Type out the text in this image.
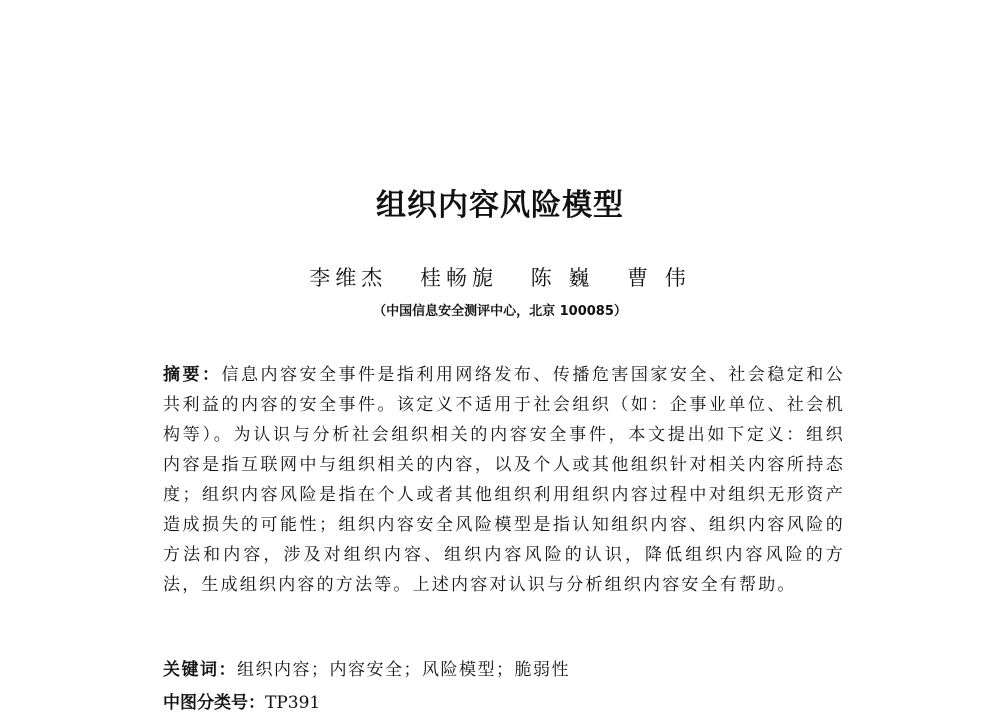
组织内容风险模型
李维杰 桂畅旎 陈 巍 曹 伟
（中国信息安全测评中心，北京 100085）
摘要：信息内容安全事件是指利用网络发布、传播危害国家安全、社会稳定和公共利益的内容的安全事件。该定义不适用于社会组织（如：企事业单位、社会机构等）。为认识与分析社会组织相关的内容安全事件，本文提出如下定义：组织内容是指互联网中与组织相关的内容，以及个人或其他组织针对相关内容所持态度；组织内容风险是指在个人或者其他组织利用组织内容过程中对组织无形资产造成损失的可能性；组织内容安全风险模型是指认知组织内容、组织内容风险的方法和内容，涉及对组织内容、组织内容风险的认识，降低组织内容风险的方法，生成组织内容的方法等。上述内容对认识与分析组织内容安全有帮助。
关键词：组织内容；内容安全；风险模型；脆弱性
中图分类号：TP391
